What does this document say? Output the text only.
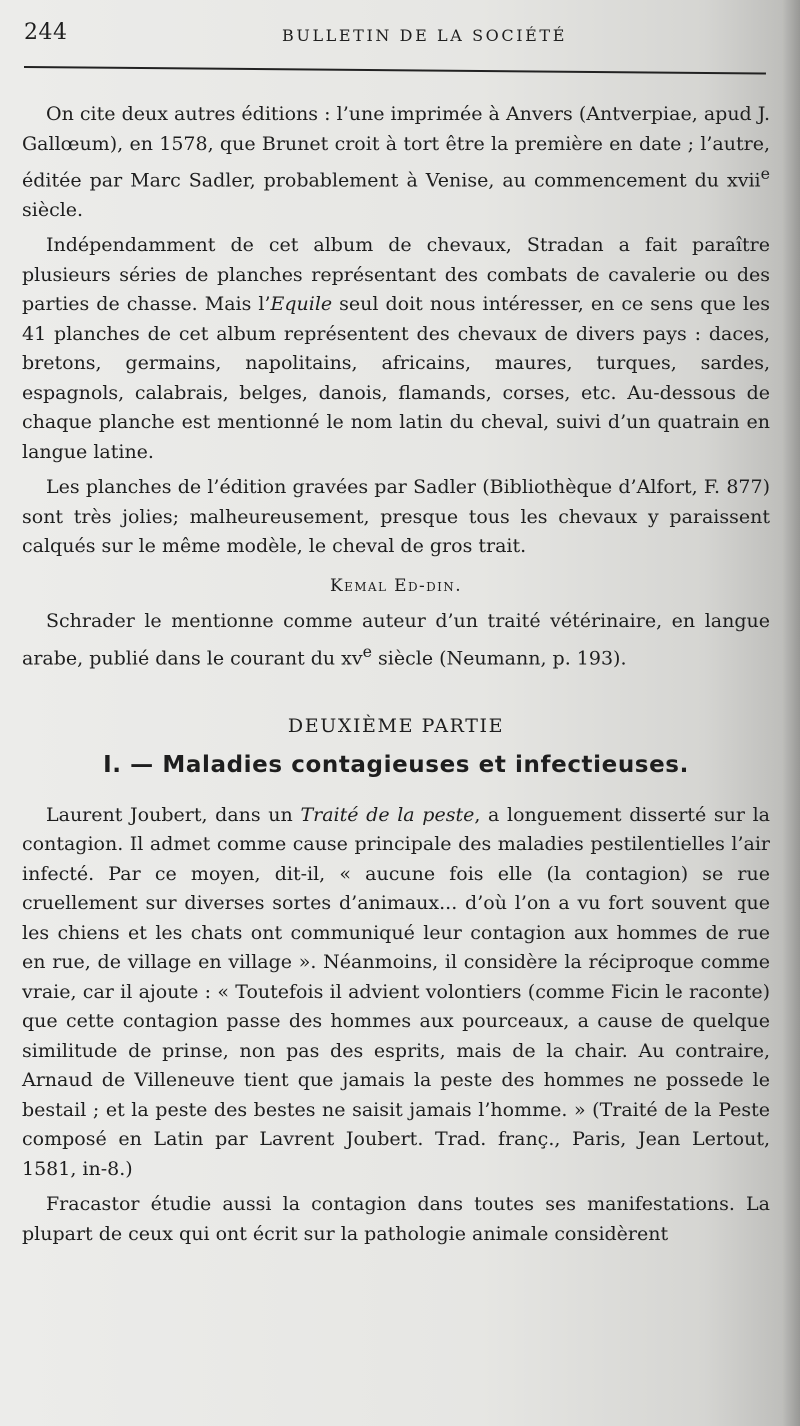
244	BULLETIN DE LA SOCIÉTÉ

On cite deux autres éditions : l’une imprimée à Anvers (Antverpiae, apud J. Gallœum), en 1578, que Brunet croit à tort être la première en date ; l’autre, éditée par Marc Sadler, probablement à Venise, au commencement du xvii$^e$ siècle.

Indépendamment de cet album de chevaux, Stradan a fait paraître plusieurs séries de planches représentant des combats de cavalerie ou des parties de chasse. Mais l’Equile seul doit nous intéresser, en ce sens que les 41 planches de cet album représentent des chevaux de divers pays : daces, bretons, germains, napolitains, africains, maures, turques, sardes, espagnols, calabrais, belges, danois, flamands, corses, etc. Au-dessous de chaque planche est mentionné le nom latin du cheval, suivi d’un quatrain en langue latine.

Les planches de l’édition gravées par Sadler (Bibliothèque d’Alfort, F. 877) sont très jolies; malheureusement, presque tous les chevaux y paraissent calqués sur le même modèle, le cheval de gros trait.

Kemal Ed-din.

Schrader le mentionne comme auteur d’un traité vétérinaire, en langue arabe, publié dans le courant du $xv^e$ siècle (Neumann, p. 193).

DEUXIÈME PARTIE
I. — Maladies contagieuses et infectieuses.

Laurent Joubert, dans un Traité de la peste, a longuement disserté sur la contagion. Il admet comme cause principale des maladies pestilentielles l’air infecté. Par ce moyen, dit-il, « aucune fois elle (la contagion) se rue cruellement sur diverses sortes d’animaux... d’où l’on a vu fort souvent que les chiens et les chats ont communiqué leur contagion aux hommes de rue en rue, de village en village ». Néanmoins, il considère la réciproque comme vraie, car il ajoute : « Toutefois il advient volontiers (comme Ficin le raconte) que cette contagion passe des hommes aux pourceaux, a cause de quelque similitude de prinse, non pas des esprits, mais de la chair. Au contraire, Arnaud de Villeneuve tient que jamais la peste des hommes ne possede le bestail ; et la peste des bestes ne saisit jamais l’homme. » (Traité de la Peste composé en Latin par Lavrent Joubert. Trad. franç., Paris, Jean Lertout, 1581, in-8.)

Fracastor étudie aussi la contagion dans toutes ses manifestations. La plupart de ceux qui ont écrit sur la pathologie animale considèrent
